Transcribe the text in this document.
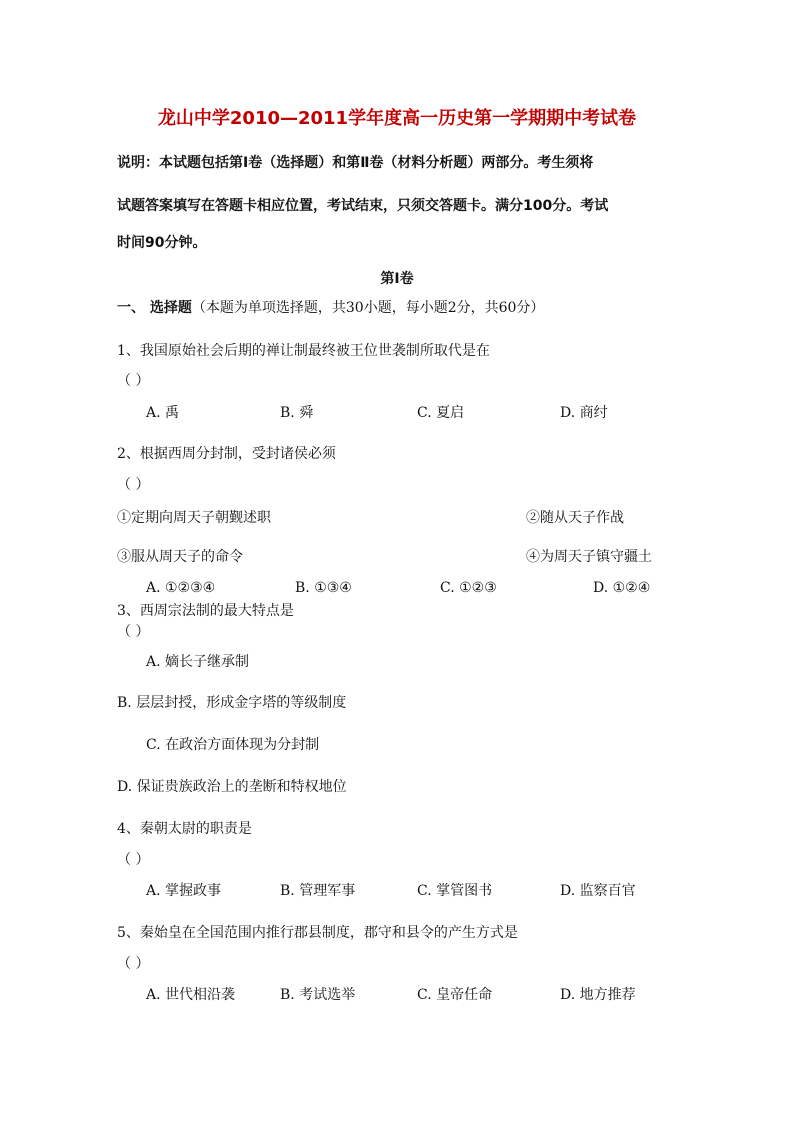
龙山中学2010—2011学年度高一历史第一学期期中考试卷
说明：本试题包括第Ⅰ卷（选择题）和第Ⅱ卷（材料分析题）两部分。考生须将
试题答案填写在答题卡相应位置，考试结束，只须交答题卡。满分100分。考试
时间90分钟。
第Ⅰ卷
一、 选择题（本题为单项选择题，共30小题，每小题2分，共60分）
1、我国原始社会后期的禅让制最终被王位世袭制所取代是在
（ ）
A. 禹	B. 舜	C. 夏启	D. 商纣
2、根据西周分封制，受封诸侯必须
（ ）
①定期向周天子朝觐述职	②随从天子作战
③服从周天子的命令	④为周天子镇守疆土
A. ①②③④	B. ①③④	C. ①②③	D. ①②④
3、西周宗法制的最大特点是
（ ）
A. 嫡长子继承制
B. 层层封授，形成金字塔的等级制度
C. 在政治方面体现为分封制
D. 保证贵族政治上的垄断和特权地位
4、秦朝太尉的职责是
（ ）
A. 掌握政事	B. 管理军事	C. 掌管图书	D. 监察百官
5、秦始皇在全国范围内推行郡县制度，郡守和县令的产生方式是
（ ）
A. 世代相沿袭	B. 考试选举	C. 皇帝任命	D. 地方推荐
